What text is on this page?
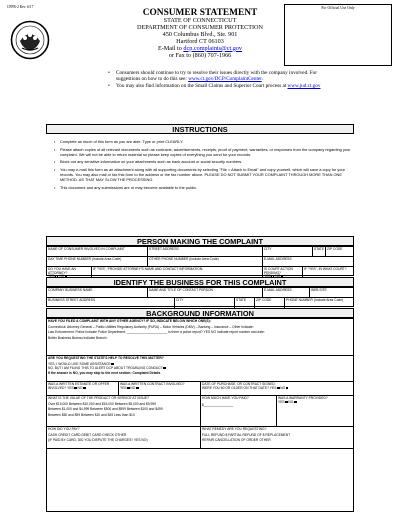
CPFR-2 Rev. 6/17	For Official Use Only
CONSUMER STATEMENT
STATE OF CONNECTICUT
DEPARTMENT OF CONSUMER PROTECTION
450 Columbus Blvd., Ste. 901
Hartford CT 06103
E-Mail to dcp.complaints@ct.gov
or Fax to (860) 707-1966
• Consumers should continue to try to resolve their issues directly with the company involved. For suggestions on how to do this see: www.ct.gov/DCP/ComplaintCenter.
• You may also find information on the Small Claims and Superior Court process at www.jud.ct.gov
INSTRUCTIONS
• Complete as much of this form as you are able. Type or print CLEARLY.
• Please attach copies of all relevant documents such as contracts, advertisements, receipts, proof of payment, warranties, or responses from the company regarding your complaint. We will not be able to return material so please keep copies of everything you send for your records.
• Block out any sensitive information on your attachments such as bank account or social security numbers.
• You may e-mail this form as an attachment along with all supporting documents by selecting "File > Attach to Email" and copy yourself, which will save a copy for your records. You may also mail or fax this form to the address or the fax number above. PLEASE DO NOT SUBMIT YOUR COMPLAINT THROUGH MORE THAN ONE METHOD. AS THAT MAY SLOW THE PROCESSING.
• This document and any submissions are or may become available to the public.
PERSON MAKING THE COMPLAINT
NAME OF CONSUMER INVOLVED IN COMPLAINT	STREET ADDRESS	CITY	STATE ZIP CODE
DAY TIME PHONE NUMBER (Include Area Code)	OTHER PHONE NUMBER (Include Area Code)	E-MAIL ADDRESS
DO YOU HAVE AN ATTORNEY?

IF "YES", PROVIDE ATTORNEY'S NAME AND CONTACT INFORMATION:	IS COURT ACTION PENDING?

IF "YES", IN WHAT COURT?
IDENTIFY THE BUSINESS FOR THIS COMPLAINT
COMPANY BUSINESS NAME	NAME AND TITLE OF CONTACT PERSON	E-MAIL ADDRESS	WEB SITE
BUSINESS STREET ADDRESS	CITY	STATE	ZIP CODE	PHONE NUMBER (Include Area Code)
BACKGROUND INFORMATION
HAVE YOU FILED A COMPLAINT WITH ANY OTHER AGENCY? IF SO, INDICATE BELOW WHICH ONE(S):
Connecticut: Attorney General – Public Utilities Regulatory Authority (PURA) – Motor Vehicles (DMV) – Banking – Insurance – Other Indicate:
Law Enforcement: Police Indicate Police Department: ______________________ Is there a police report? YES NO Indicate report number and date:
Better Business Bureau Indicate Branch:
ARE YOU REQUESTING THE STATE'S HELP TO RESOLVE THIS MATTER?
YES, I WOULD LIKE SOME ASSISTANCE
NO, BUT I AM FILING THIS TO ALERT DCP ABOUT TROUBLING CONDUCT
If the answer is NO, you may skip to the next section: Complaint Details
WAS A WRITTEN ESTIMATE OR OFFER INVOLVED? YES NO
WAS A WRITTEN CONTRACT INVOLVED?
YES NO
DATE OF PURCHASE, OR CONTRACT SIGNED:
WERE YOU 60 OR OLDER ON THAT DATE? YES NO
WHAT IS THE VALUE OF THE PRODUCT OR SERVICE AT ISSUE?
Over $15,000 Between $10,000 and $15,000 Between $5,000 and $9,999
Between $1,000 and $4,999 Between $500 and $999 Between $100 and $499
Between $50 and $99 Between $10 and $49 Less than $10
HOW MUCH HAVE YOU PAID?

$________________
WAS A WARRANTY PROVIDED?
YES NO
HOW DID YOU PAY?
CASH CREDIT CARD DEBIT CARD CHECK OTHER
(IF PAID BY CARD, DID YOU DISPUTE THE CHARGES? YES NO)
WHAT REMEDY ARE YOU REQUESTING?
FULL REFUND $ PARTIAL REFUND OF $ REPLACEMENT
REPAIR CANCELLATION OF ORDER OTHER
